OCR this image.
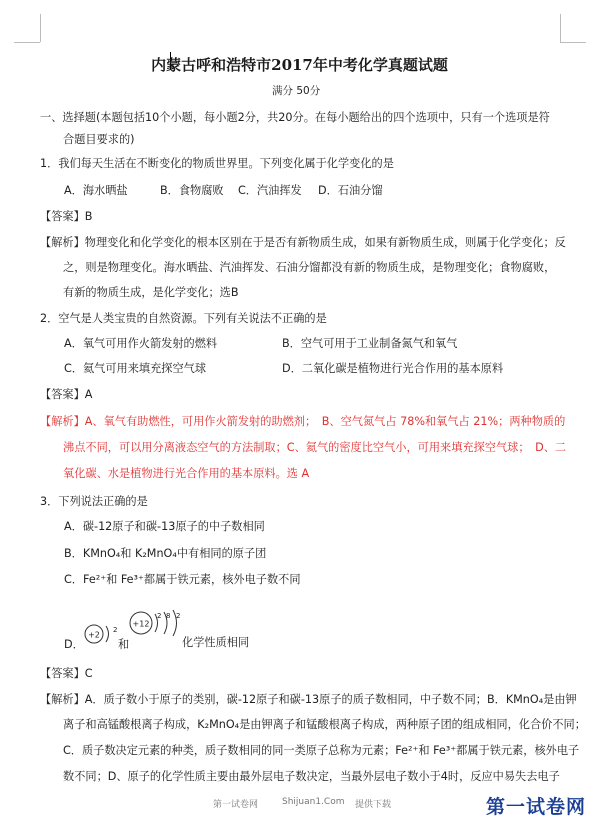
内蒙古呼和浩特市2017年中考化学真题试题
满分 50分
一、选择题(本题包括10个小题，每小题2分，共20分。在每小题给出的四个选项中，只有一个选项是符
合题目要求的)
1．我们每天生活在不断变化的物质世界里。下列变化属于化学变化的是
A．海水晒盐	B．食物腐败 C．汽油挥发 D．石油分馏
【答案】B
【解析】物理变化和化学变化的根本区别在于是否有新物质生成，如果有新物质生成，则属于化学变化；反
之，则是物理变化。海水晒盐、汽油挥发、石油分馏都没有新的物质生成，是物理变化；食物腐败，
有新的物质生成，是化学变化；选B
2．空气是人类宝贵的自然资源。下列有关说法不正确的是
A．氧气可用作火箭发射的燃料	B．空气可用于工业制备氮气和氧气
C．氦气可用来填充探空气球	D．二氧化碳是植物进行光合作用的基本原料
【答案】A
【解析】A、氧气有助燃性，可用作火箭发射的助燃剂；　B、空气氮气占 78%和氧气占 21%；两种物质的
沸点不同，可以用分离液态空气的方法制取；C、氦气的密度比空气小，可用来填充探空气球；　D、二
氧化碳、水是植物进行光合作用的基本原料。选 A
3．下列说法正确的是
A．碳-12原子和碳-13原子的中子数相同
B．KMnO₄和 K₂MnO₄中有相同的原子团
C．Fe²⁺和 Fe³⁺都属于铁元素，核外电子数不同
D．
+2
2
和
+12
2 8 2
化学性质相同
【答案】C
【解析】A．质子数小于原子的类别，碳-12原子和碳-13原子的质子数相同，中子数不同；B．KMnO₄是由钾
离子和高锰酸根离子构成，K₂MnO₄是由钾离子和锰酸根离子构成，两种原子团的组成相同，化合价不同；
C．质子数决定元素的种类，质子数相同的同一类原子总称为元素；Fe²⁺和 Fe³⁺都属于铁元素，核外电子
数不同；D、原子的化学性质主要由最外层电子数决定，当最外层电子数小于4时，反应中易失去电子
第一试卷网	Shijuan1.Com 提供下载	第一试卷网
